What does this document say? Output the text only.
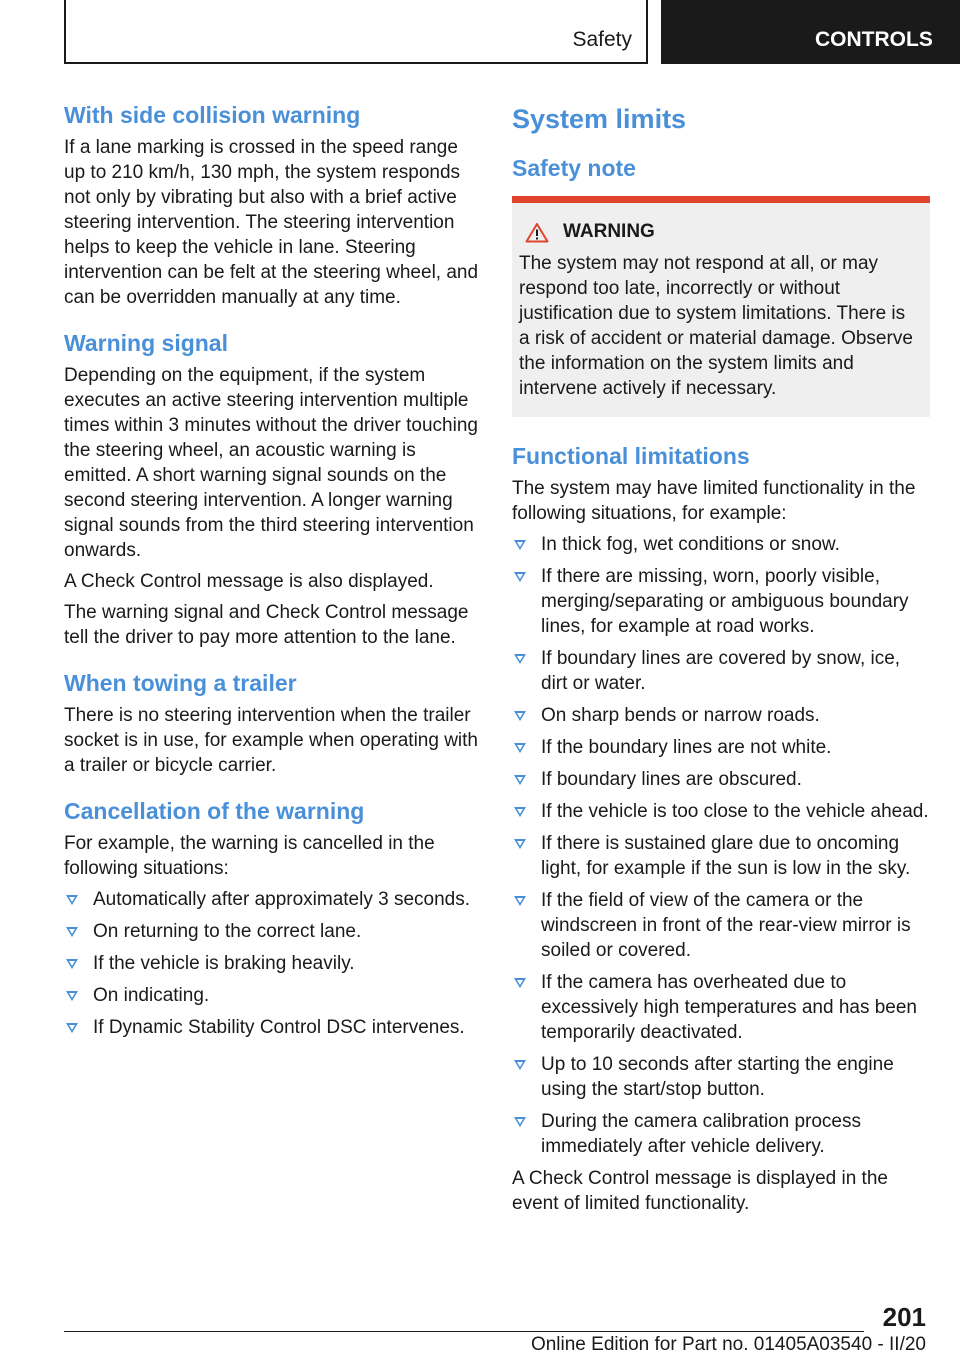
Safety	CONTROLS
With side collision warning

If a lane marking is crossed in the speed range up to 210 km/h, 130 mph, the system responds not only by vibrating but also with a brief active steering intervention. The steering intervention helps to keep the vehicle in lane. Steering intervention can be felt at the steering wheel, and can be overridden manually at any time.

Warning signal

Depending on the equipment, if the system executes an active steering intervention multiple times within 3 minutes without the driver touching the steering wheel, an acoustic warning is emitted. A short warning signal sounds on the second steering intervention. A longer warning signal sounds from the third steering intervention onwards.

A Check Control message is also displayed.

The warning signal and Check Control message tell the driver to pay more attention to the lane.

When towing a trailer

There is no steering intervention when the trailer socket is in use, for example when operating with a trailer or bicycle carrier.

Cancellation of the warning

For example, the warning is cancelled in the following situations:

Automatically after approximately 3 seconds.
On returning to the correct lane.
If the vehicle is braking heavily.
On indicating.
If Dynamic Stability Control DSC intervenes.
System limits
Safety note
WARNING

The system may not respond at all, or may respond too late, incorrectly or without justification due to system limitations. There is a risk of accident or material damage. Observe the information on the system limits and intervene actively if necessary.

Functional limitations

The system may have limited functionality in the following situations, for example:

In thick fog, wet conditions or snow.
If there are missing, worn, poorly visible, merging/separating or ambiguous boundary lines, for example at road works.
If boundary lines are covered by snow, ice, dirt or water.
On sharp bends or narrow roads.
If the boundary lines are not white.
If boundary lines are obscured.
If the vehicle is too close to the vehicle ahead.
If there is sustained glare due to oncoming light, for example if the sun is low in the sky.
If the field of view of the camera or the windscreen in front of the rear-view mirror is soiled or covered.
If the camera has overheated due to excessively high temperatures and has been temporarily deactivated.
Up to 10 seconds after starting the engine using the start/stop button.
During the camera calibration process immediately after vehicle delivery.

A Check Control message is displayed in the event of limited functionality.

201
Online Edition for Part no. 01405A03540 - II/20
